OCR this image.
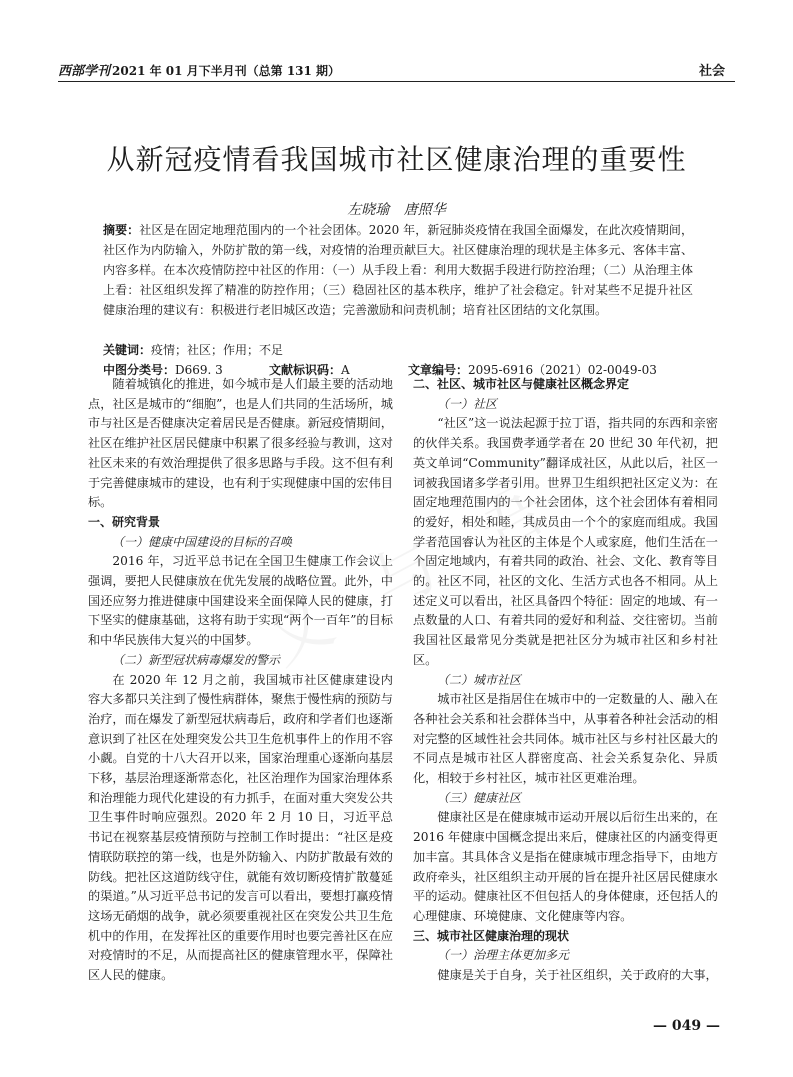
西部学刊 2021 年 01 月下半月刊（总第 131 期）	社会
从新冠疫情看我国城市社区健康治理的重要性
左晓瑜 唐照华
摘要：社区是在固定地理范围内的一个社会团体。2020 年，新冠肺炎疫情在我国全面爆发，在此次疫情期间，社区作为内防输入，外防扩散的第一线，对疫情的治理贡献巨大。社区健康治理的现状是主体多元、客体丰富、内容多样。在本次疫情防控中社区的作用：（一）从手段上看：利用大数据手段进行防控治理；（二）从治理主体上看：社区组织发挥了精准的防控作用；（三）稳固社区的基本秩序，维护了社会稳定。针对某些不足提升社区健康治理的建议有：积极进行老旧城区改造；完善激励和问责机制；培育社区团结的文化氛围。
关键词： 疫情；社区；作用；不足
中图分类号：D669. 3	文献标识码：A	文章编号：2095-6916（2021）02-0049-03

随着城镇化的推进，如今城市是人们最主要的活动地点，社区是城市的“细胞”，也是人们共同的生活场所，城市与社区是否健康决定着居民是否健康。新冠疫情期间，社区在维护社区居民健康中积累了很多经验与教训，这对社区未来的有效治理提供了很多思路与手段。这不但有利于完善健康城市的建设，也有利于实现健康中国的宏伟目标。

一、研究背景

（一）健康中国建设的目标的召唤

2016 年，习近平总书记在全国卫生健康工作会议上强调，要把人民健康放在优先发展的战略位置。此外，中国还应努力推进健康中国建设来全面保障人民的健康，打下坚实的健康基础，这将有助于实现“两个一百年”的目标和中华民族伟大复兴的中国梦。

（二）新型冠状病毒爆发的警示

在 2020 年 12 月之前，我国城市社区健康建设内容大多都只关注到了慢性病群体，聚焦于慢性病的预防与治疗，而在爆发了新型冠状病毒后，政府和学者们也逐渐意识到了社区在处理突发公共卫生危机事件上的作用不容小觑。自党的十八大召开以来，国家治理重心逐渐向基层下移，基层治理逐渐常态化，社区治理作为国家治理体系和治理能力现代化建设的有力抓手，在面对重大突发公共卫生事件时响应强烈。2020 年 2 月 10 日，习近平总书记在视察基层疫情预防与控制工作时提出：“社区是疫情联防联控的第一线，也是外防输入、内防扩散最有效的防线。把社区这道防线守住，就能有效切断疫情扩散蔓延的渠道。”从习近平总书记的发言可以看出，要想打赢疫情这场无硝烟的战争，就必须要重视社区在突发公共卫生危机中的作用，在发挥社区的重要作用时也要完善社区在应对疫情时的不足，从而提高社区的健康管理水平，保障社区人民的健康。

二、社区、城市社区与健康社区概念界定

（一）社区

“社区”这一说法起源于拉丁语，指共同的东西和亲密的伙伴关系。我国费孝通学者在 20 世纪 30 年代初，把英文单词“Community”翻译成社区，从此以后，社区一词被我国诸多学者引用。世界卫生组织把社区定义为：在固定地理范围内的一个社会团体，这个社会团体有着相同的爱好，相处和睦，其成员由一个个的家庭而组成。我国学者范国睿认为社区的主体是个人或家庭，他们生活在一个固定地域内，有着共同的政治、社会、文化、教育等目的。社区不同，社区的文化、生活方式也各不相同。从上述定义可以看出，社区具备四个特征：固定的地域、有一点数量的人口、有着共同的爱好和利益、交往密切。当前我国社区最常见分类就是把社区分为城市社区和乡村社区。

（二）城市社区

城市社区是指居住在城市中的一定数量的人、融入在各种社会关系和社会群体当中，从事着各种社会活动的相对完整的区域性社会共同体。城市社区与乡村社区最大的不同点是城市社区人群密度高、社会关系复杂化、异质化，相较于乡村社区，城市社区更难治理。

（三）健康社区

健康社区是在健康城市运动开展以后衍生出来的，在 2016 年健康中国概念提出来后，健康社区的内涵变得更加丰富。其具体含义是指在健康城市理念指导下，由地方政府牵头，社区组织主动开展的旨在提升社区居民健康水平的运动。健康社区不但包括人的身体健康，还包括人的心理健康、环境健康、文化健康等内容。

三、城市社区健康治理的现状

（一）治理主体更加多元

健康是关于自身，关于社区组织，关于政府的大事，

— 049 —
